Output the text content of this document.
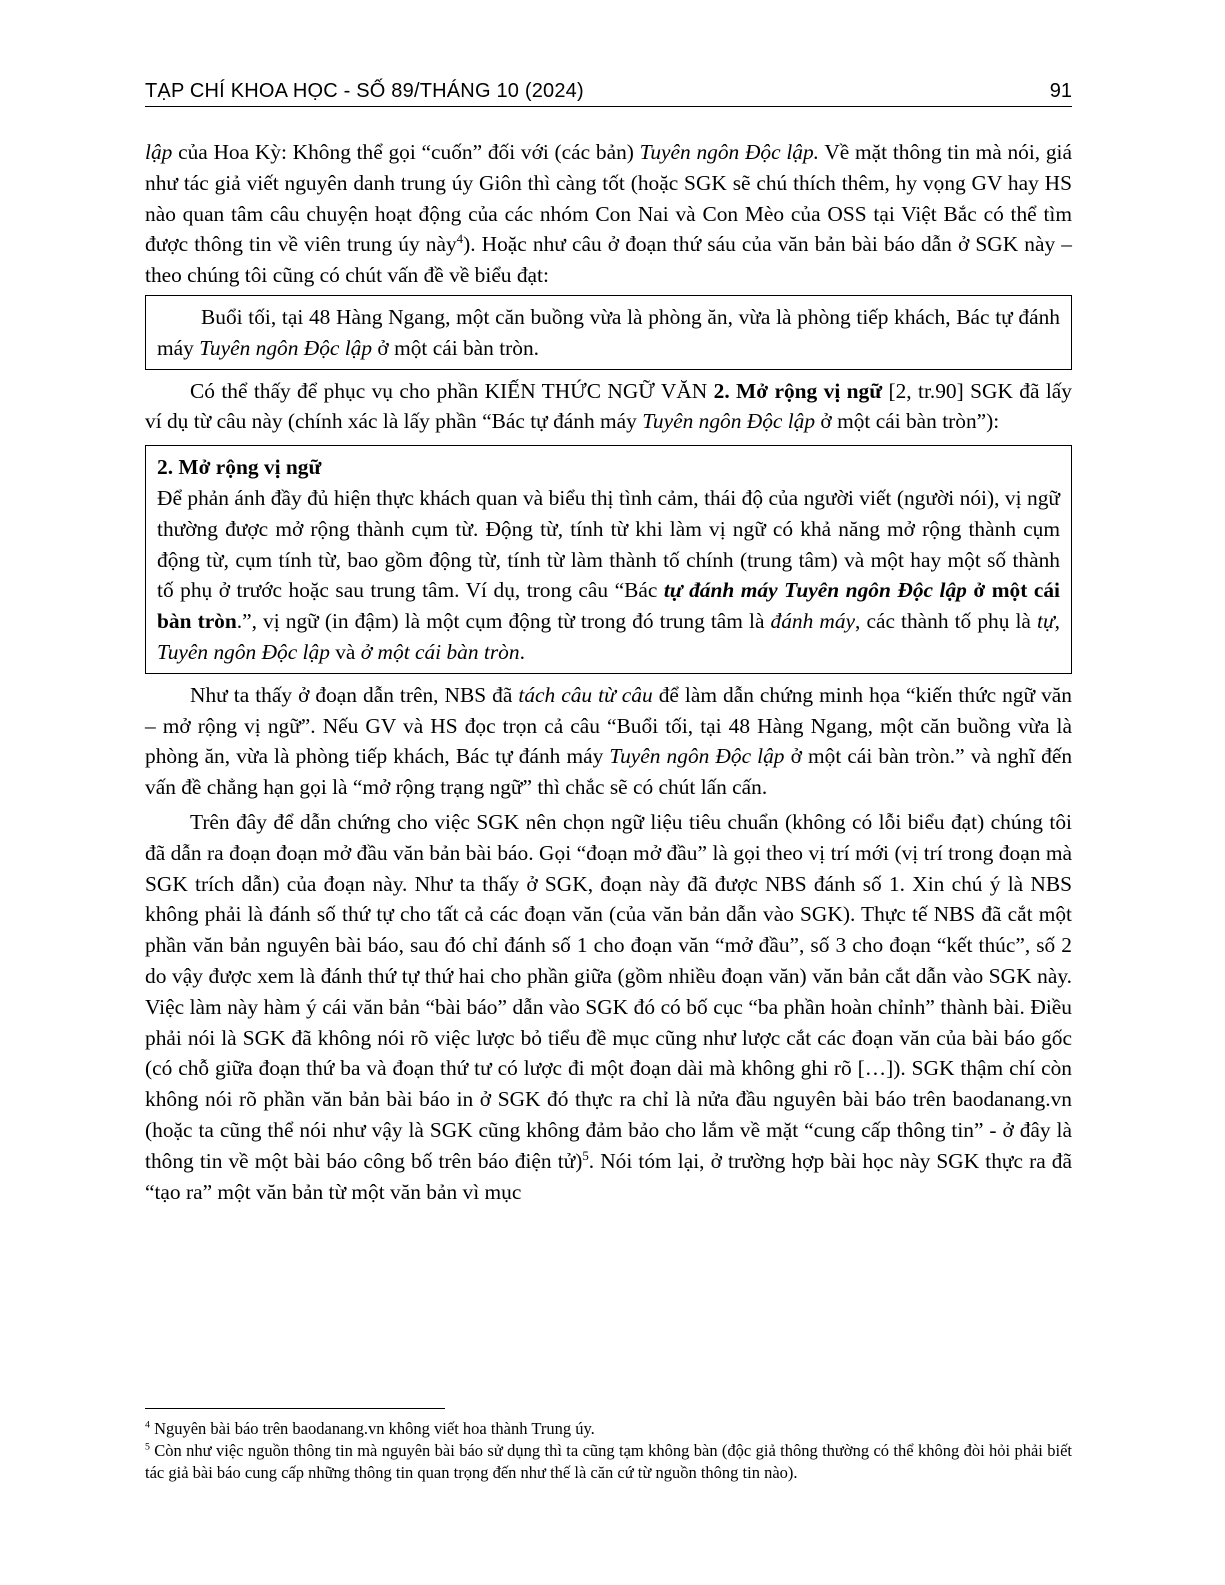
TẠP CHÍ KHOA HỌC - SỐ 89/THÁNG 10 (2024)	91

lập của Hoa Kỳ: Không thể gọi “cuốn” đối với (các bản) Tuyên ngôn Độc lập. Về mặt thông tin mà nói, giá như tác giả viết nguyên danh trung úy Giôn thì càng tốt (hoặc SGK sẽ chú thích thêm, hy vọng GV hay HS nào quan tâm câu chuyện hoạt động của các nhóm Con Nai và Con Mèo của OSS tại Việt Bắc có thể tìm được thông tin về viên trung úy này$^4$). Hoặc như câu ở đoạn thứ sáu của văn bản bài báo dẫn ở SGK này – theo chúng tôi cũng có chút vấn đề về biểu đạt:

Buổi tối, tại 48 Hàng Ngang, một căn buồng vừa là phòng ăn, vừa là phòng tiếp khách, Bác tự đánh máy Tuyên ngôn Độc lập ở một cái bàn tròn.

Có thể thấy để phục vụ cho phần KIẾN THỨC NGỮ VĂN 2. Mở rộng vị ngữ [2, tr.90] SGK đã lấy ví dụ từ câu này (chính xác là lấy phần “Bác tự đánh máy Tuyên ngôn Độc lập ở một cái bàn tròn”):

2. Mở rộng vị ngữ

Để phản ánh đầy đủ hiện thực khách quan và biểu thị tình cảm, thái độ của người viết (người nói), vị ngữ thường được mở rộng thành cụm từ. Động từ, tính từ khi làm vị ngữ có khả năng mở rộng thành cụm động từ, cụm tính từ, bao gồm động từ, tính từ làm thành tố chính (trung tâm) và một hay một số thành tố phụ ở trước hoặc sau trung tâm. Ví dụ, trong câu “Bác tự đánh máy Tuyên ngôn Độc lập ở một cái bàn tròn.”, vị ngữ (in đậm) là một cụm động từ trong đó trung tâm là đánh máy, các thành tố phụ là tự, Tuyên ngôn Độc lập và ở một cái bàn tròn.

Như ta thấy ở đoạn dẫn trên, NBS đã tách câu từ câu để làm dẫn chứng minh họa “kiến thức ngữ văn – mở rộng vị ngữ”. Nếu GV và HS đọc trọn cả câu “Buổi tối, tại 48 Hàng Ngang, một căn buồng vừa là phòng ăn, vừa là phòng tiếp khách, Bác tự đánh máy Tuyên ngôn Độc lập ở một cái bàn tròn.” và nghĩ đến vấn đề chẳng hạn gọi là “mở rộng trạng ngữ” thì chắc sẽ có chút lấn cấn.

Trên đây để dẫn chứng cho việc SGK nên chọn ngữ liệu tiêu chuẩn (không có lỗi biểu đạt) chúng tôi đã dẫn ra đoạn đoạn mở đầu văn bản bài báo. Gọi “đoạn mở đầu” là gọi theo vị trí mới (vị trí trong đoạn mà SGK trích dẫn) của đoạn này. Như ta thấy ở SGK, đoạn này đã được NBS đánh số 1. Xin chú ý là NBS không phải là đánh số thứ tự cho tất cả các đoạn văn (của văn bản dẫn vào SGK). Thực tế NBS đã cắt một phần văn bản nguyên bài báo, sau đó chỉ đánh số 1 cho đoạn văn “mở đầu”, số 3 cho đoạn “kết thúc”, số 2 do vậy được xem là đánh thứ tự thứ hai cho phần giữa (gồm nhiều đoạn văn) văn bản cắt dẫn vào SGK này. Việc làm này hàm ý cái văn bản “bài báo” dẫn vào SGK đó có bố cục “ba phần hoàn chỉnh” thành bài. Điều phải nói là SGK đã không nói rõ việc lược bỏ tiểu đề mục cũng như lược cắt các đoạn văn của bài báo gốc (có chỗ giữa đoạn thứ ba và đoạn thứ tư có lược đi một đoạn dài mà không ghi rõ […]). SGK thậm chí còn không nói rõ phần văn bản bài báo in ở SGK đó thực ra chỉ là nửa đầu nguyên bài báo trên baodanang.vn (hoặc ta cũng thể nói như vậy là SGK cũng không đảm bảo cho lắm về mặt “cung cấp thông tin” - ở đây là thông tin về một bài báo công bố trên báo điện tử)$^5$. Nói tóm lại, ở trường hợp bài học này SGK thực ra đã “tạo ra” một văn bản từ một văn bản vì mục

$^4$ Nguyên bài báo trên baodanang.vn không viết hoa thành Trung úy.

$^5$ Còn như việc nguồn thông tin mà nguyên bài báo sử dụng thì ta cũng tạm không bàn (độc giả thông thường có thể không đòi hỏi phải biết tác giả bài báo cung cấp những thông tin quan trọng đến như thế là căn cứ từ nguồn thông tin nào).
